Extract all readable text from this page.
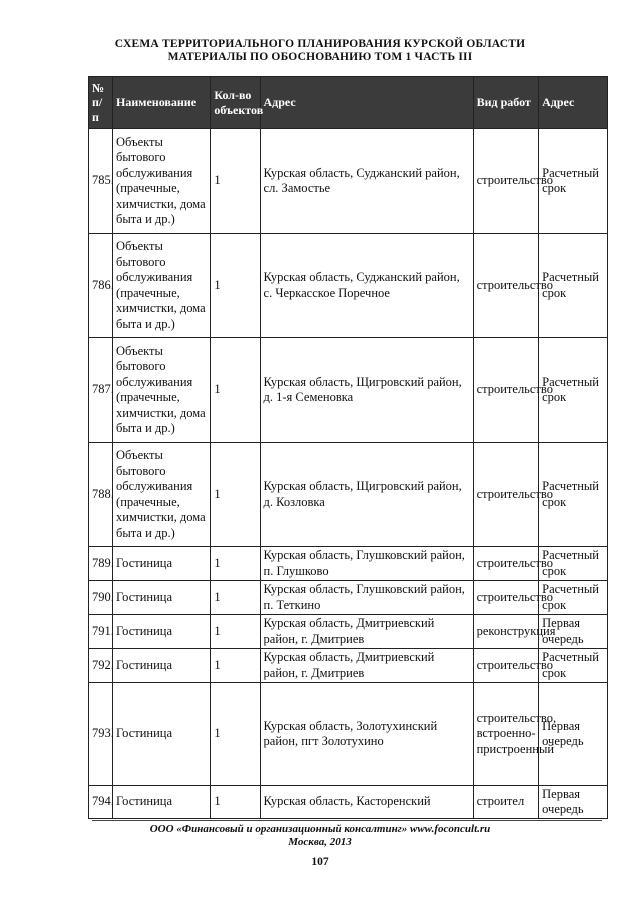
СХЕМА ТЕРРИТОРИАЛЬНОГО ПЛАНИРОВАНИЯ КУРСКОЙ ОБЛАСТИ
МАТЕРИАЛЫ ПО ОБОСНОВАНИЮ ТОМ 1 ЧАСТЬ III
№ п/п	Наименование	Кол-во объектов	Адрес	Вид работ	Адрес
785.	Объекты бытового обслуживания (прачечные, химчистки, дома быта и др.)	1	Курская область, Суджанский район, сл. Замостье	строительство	Расчетный срок
786.	Объекты бытового обслуживания (прачечные, химчистки, дома быта и др.)	1	Курская область, Суджанский район, с. Черкасское Поречное	строительство	Расчетный срок
787.	Объекты бытового обслуживания (прачечные, химчистки, дома быта и др.)	1	Курская область, Щигровский район, д. 1-я Семеновка	строительство	Расчетный срок
788.	Объекты бытового обслуживания (прачечные, химчистки, дома быта и др.)	1	Курская область, Щигровский район, д. Козловка	строительство	Расчетный срок
789.	Гостиница	1	Курская область, Глушковский район, п. Глушково	строительство	Расчетный срок
790.	Гостиница	1	Курская область, Глушковский район, п. Теткино	строительство	Расчетный срок
791.	Гостиница	1	Курская область, Дмитриевский район, г. Дмитриев	реконструкция	Первая очередь
792.	Гостиница	1	Курская область, Дмитриевский район, г. Дмитриев	строительство	Расчетный срок
793.	Гостиница	1	Курская область, Золотухинский район, пгт Золотухино	строительство, встроенно-пристроенный	Первая очередь
794.	Гостиница	1	Курская область, Касторенский	строител	Первая очередь
ООО «Финансовый и организационный консалтинг» www.foconcult.ru
Москва, 2013
107
